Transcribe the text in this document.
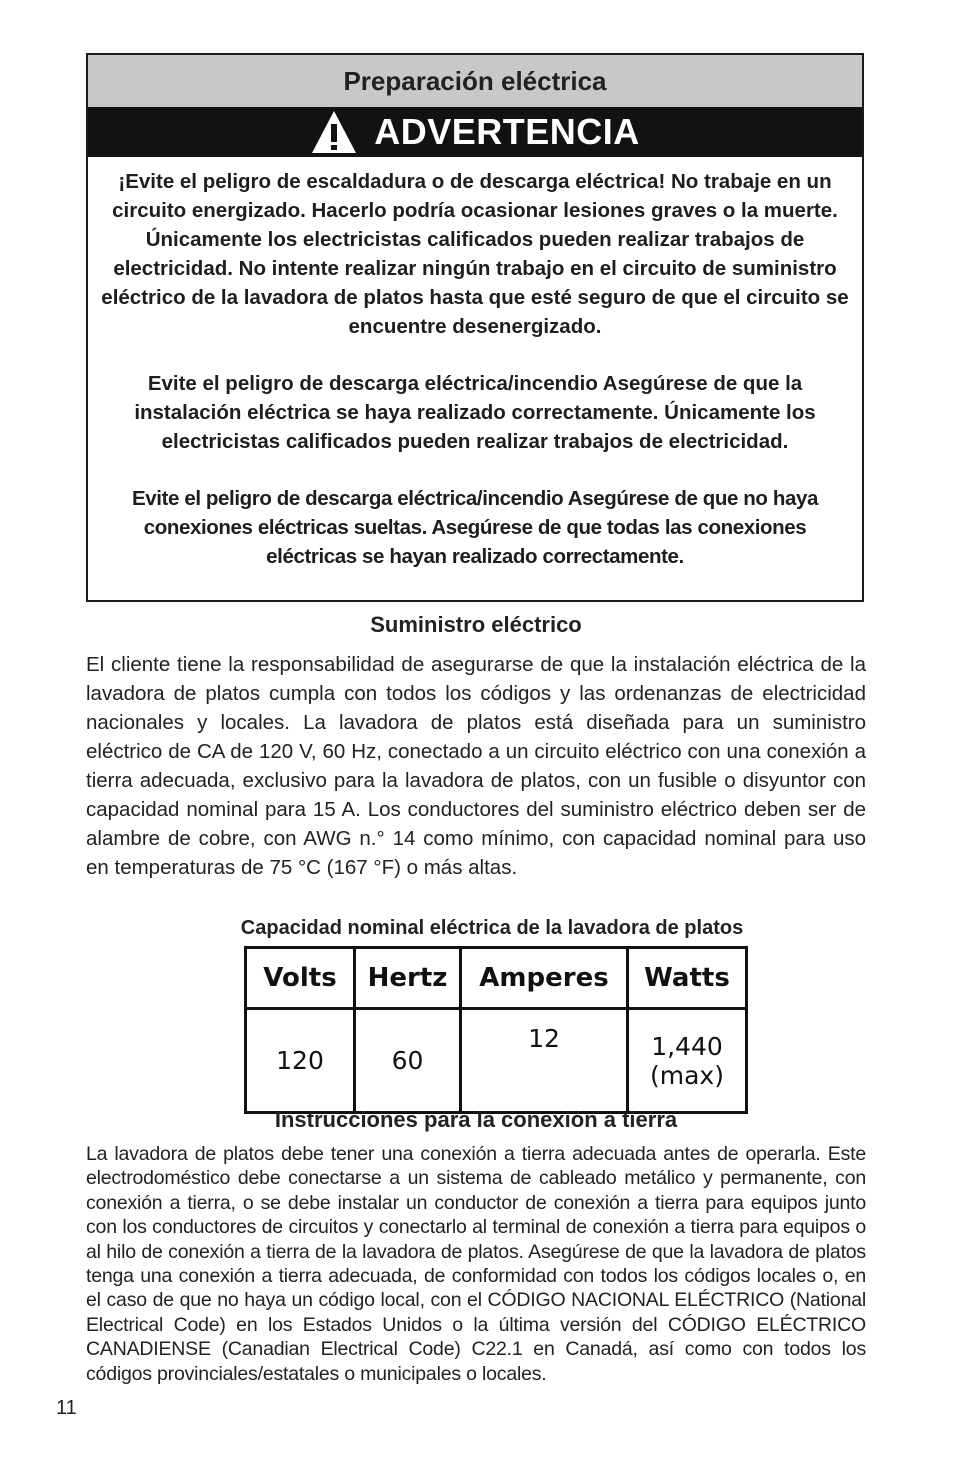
Preparación eléctrica
ADVERTENCIA

¡Evite el peligro de escaldadura o de descarga eléctrica! No trabaje en un circuito energizado. Hacerlo podría ocasionar lesiones graves o la muerte. Únicamente los electricistas calificados pueden realizar trabajos de electricidad. No intente realizar ningún trabajo en el circuito de suministro eléctrico de la lavadora de platos hasta que esté seguro de que el circuito se encuentre desenergizado.

Evite el peligro de descarga eléctrica/incendio Asegúrese de que la instalación eléctrica se haya realizado correctamente. Únicamente los electricistas calificados pueden realizar trabajos de electricidad.

Evite el peligro de descarga eléctrica/incendio Asegúrese de que no haya conexiones eléctricas sueltas. Asegúrese de que todas las conexiones eléctricas se hayan realizado correctamente.

Suministro eléctrico
El cliente tiene la responsabilidad de asegurarse de que la instalación eléctrica de la lavadora de platos cumpla con todos los códigos y las ordenanzas de electricidad nacionales y locales. La lavadora de platos está diseñada para un suministro eléctrico de CA de 120 V, 60 Hz, conectado a un circuito eléctrico con una conexión a tierra adecuada, exclusivo para la lavadora de platos, con un fusible o disyuntor con capacidad nominal para 15 A. Los conductores del suministro eléctrico deben ser de alambre de cobre, con AWG n.° 14 como mínimo, con capacidad nominal para uso en temperaturas de 75 °C (167 °F) o más altas.
Capacidad nominal eléctrica de la lavadora de platos
Volts	Hertz	Amperes	Watts
120	60	12	1,440 (max)
Instrucciones para la conexión a tierra
La lavadora de platos debe tener una conexión a tierra adecuada antes de operarla. Este electrodoméstico debe conectarse a un sistema de cableado metálico y permanente, con conexión a tierra, o se debe instalar un conductor de conexión a tierra para equipos junto con los conductores de circuitos y conectarlo al terminal de conexión a tierra para equipos o al hilo de conexión a tierra de la lavadora de platos. Asegúrese de que la lavadora de platos tenga una conexión a tierra adecuada, de conformidad con todos los códigos locales o, en el caso de que no haya un código local, con el CÓDIGO NACIONAL ELÉCTRICO (National Electrical Code) en los Estados Unidos o la última versión del CÓDIGO ELÉCTRICO CANADIENSE (Canadian Electrical Code) C22.1 en Canadá, así como con todos los códigos provinciales/estatales o municipales o locales.
11
